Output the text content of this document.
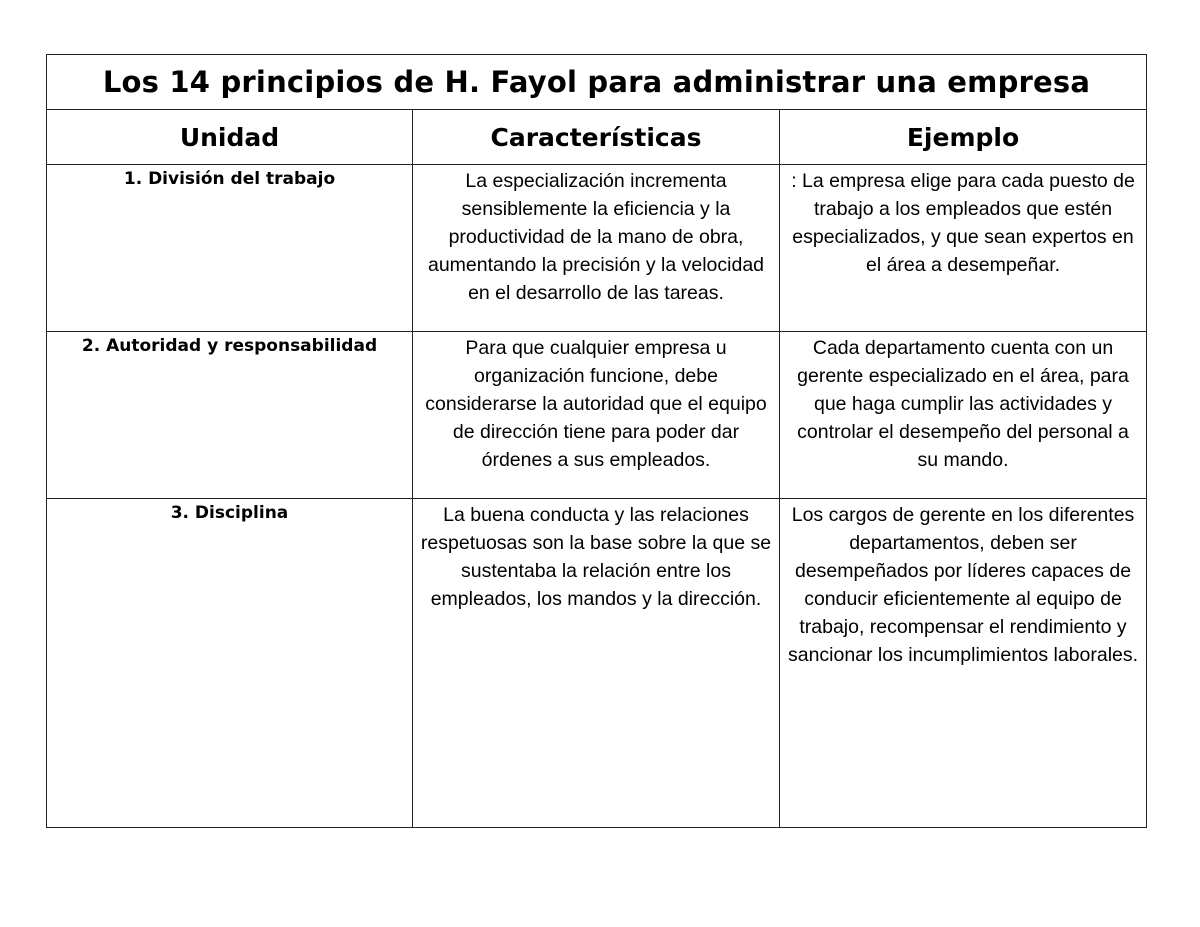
Los 14 principios de H. Fayol para administrar una empresa		
Unidad	Características	Ejemplo
1. División del trabajo	La especialización incrementa sensiblemente la eficiencia y la productividad de la mano de obra, aumentando la precisión y la velocidad en el desarrollo de las tareas.	: La empresa elige para cada puesto de trabajo a los empleados que estén especializados, y que sean expertos en el área a desempeñar.
2. Autoridad y responsabilidad	Para que cualquier empresa u organización funcione, debe considerarse la autoridad que el equipo de dirección tiene para poder dar órdenes a sus empleados.	Cada departamento cuenta con un gerente especializado en el área, para que haga cumplir las actividades y controlar el desempeño del personal a su mando.
3. Disciplina	La buena conducta y las relaciones respetuosas son la base sobre la que se sustentaba la relación entre los empleados, los mandos y la dirección.	Los cargos de gerente en los diferentes departamentos, deben ser desempeñados por líderes capaces de conducir eficientemente al equipo de trabajo, recompensar el rendimiento y sancionar los incumplimientos laborales.
